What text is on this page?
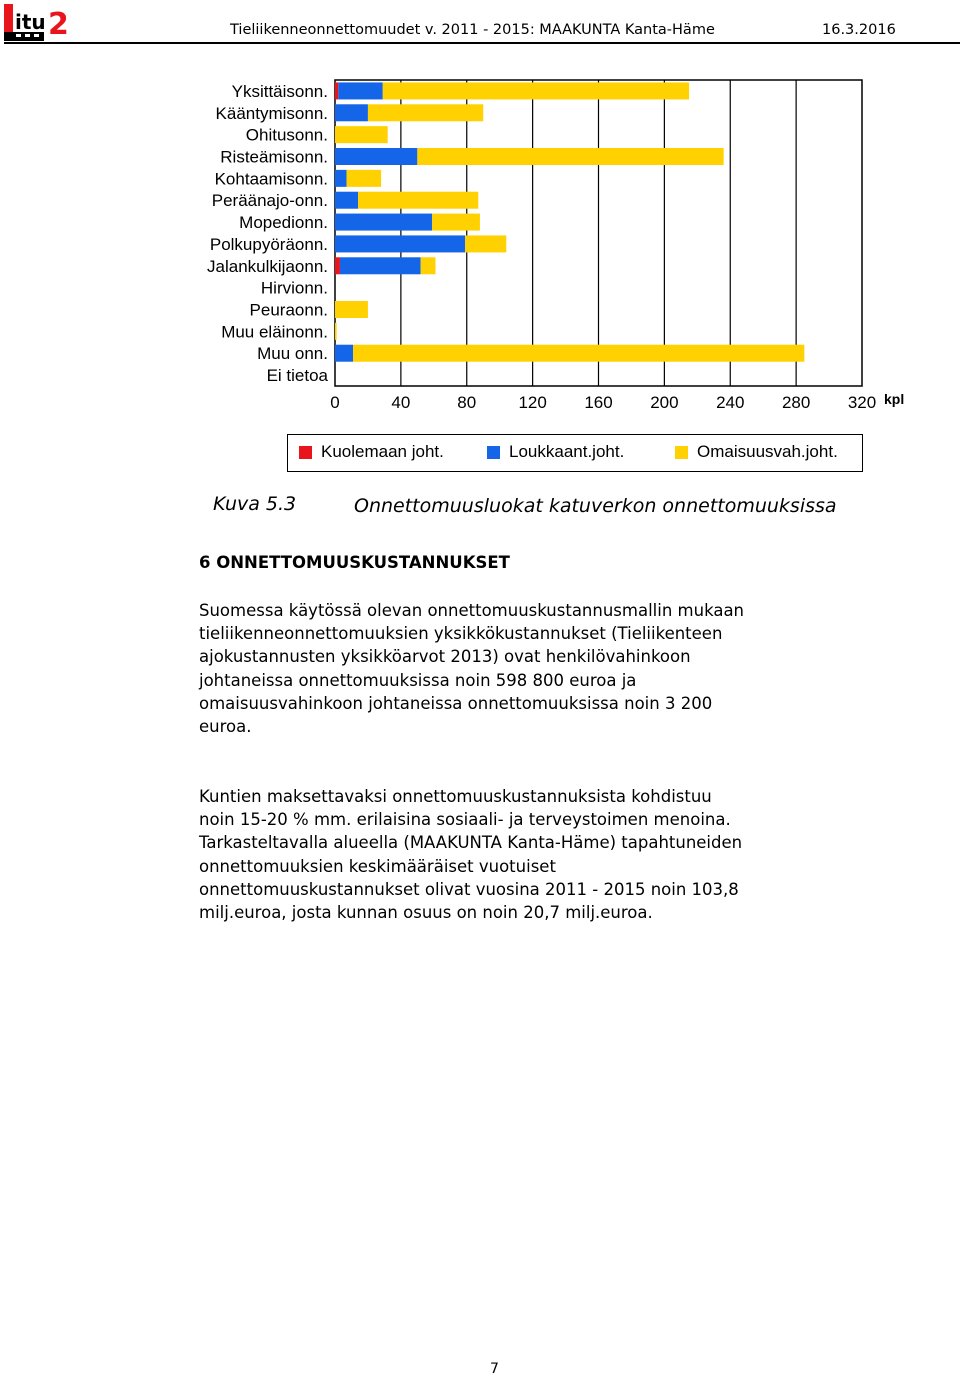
itu 2	Tieliikenneonnettomuudet v. 2011 - 2015: MAAKUNTA Kanta-Häme	16.3.2016
0	40	80 120 160 200 240 280 320 kpl
Yksittäisonn.
Kääntymisonn.
Ohitusonn.
Risteämisonn.
Kohtaamisonn.
Peräänajo-onn.
Mopedionn.
Polkupyöräonn.
Jalankulkijaonn.
Hirvionn.
Peuraonn.
Muu eläinonn.
Muu onn.
Ei tietoa
Kuolemaan joht.	Loukkaant.joht.	Omaisuusvah.joht.
Kuva 5.3	Onnettomuusluokat katuverkon onnettomuuksissa
6 ONNETTOMUUSKUSTANNUKSET
Suomessa käytössä olevan onnettomuuskustannusmallin mukaan
tieliikenneonnettomuuksien yksikkökustannukset (Tieliikenteen
ajokustannusten yksikköarvot 2013) ovat henkilövahinkoon
johtaneissa onnettomuuksissa noin 598 800 euroa ja
omaisuusvahinkoon johtaneissa onnettomuuksissa noin 3 200
euroa.
Kuntien maksettavaksi onnettomuuskustannuksista kohdistuu
noin 15-20 % mm. erilaisina sosiaali- ja terveystoimen menoina.
Tarkasteltavalla alueella (MAAKUNTA Kanta-Häme) tapahtuneiden
onnettomuuksien keskimääräiset vuotuiset
onnettomuuskustannukset olivat vuosina 2011 - 2015 noin 103,8
milj.euroa, josta kunnan osuus on noin 20,7 milj.euroa.
7
